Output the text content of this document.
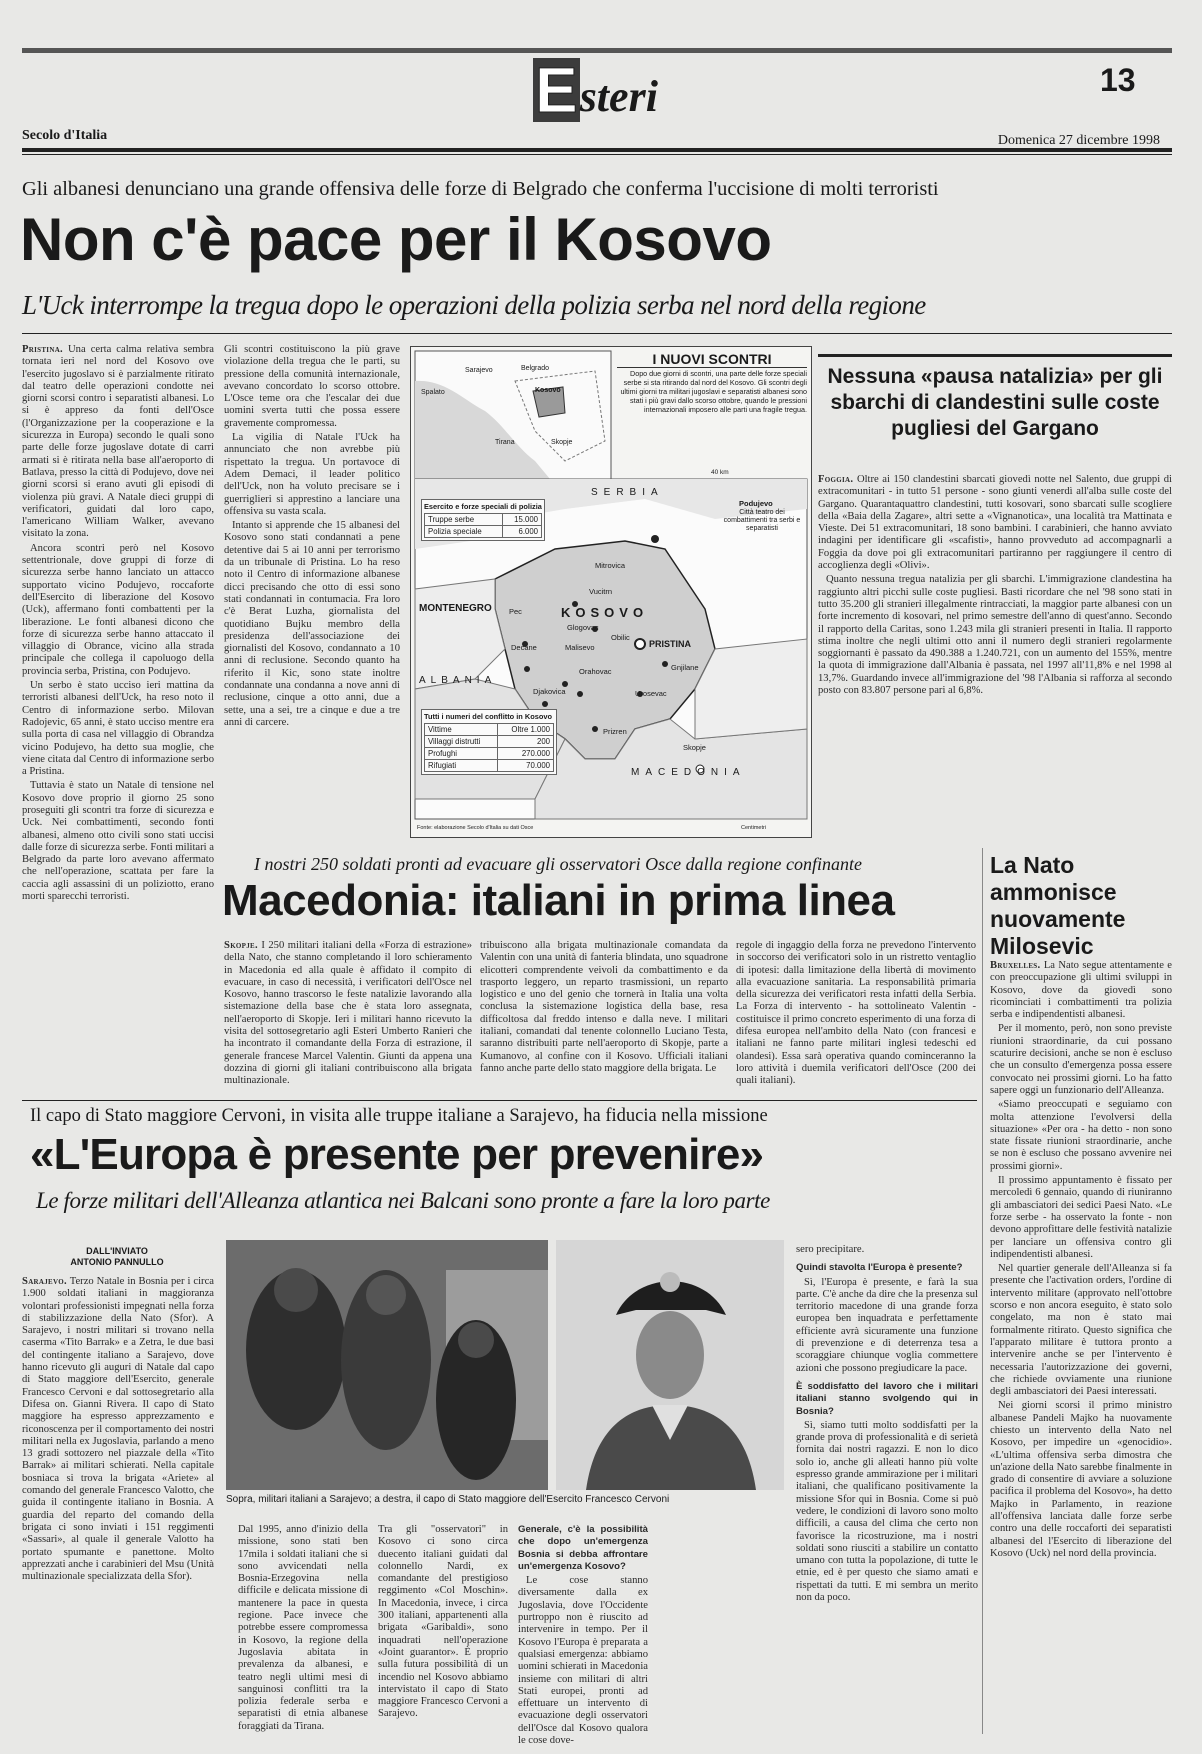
Esteri	13
Secolo d'Italia	Domenica 27 dicembre 1998
Gli albanesi denunciano una grande offensiva delle forze di Belgrado che conferma l'uccisione di molti terroristi
Non c'è pace per il Kosovo
L'Uck interrompe la tregua dopo le operazioni della polizia serba nel nord della regione

Pristina. Una certa calma relativa sembra tornata ieri nel nord del Kosovo ove l'esercito jugoslavo si è parzialmente ritirato dal teatro delle operazioni condotte nei giorni scorsi contro i separatisti albanesi. Lo si è appreso da fonti dell'Osce (l'Organizzazione per la cooperazione e la sicurezza in Europa) secondo le quali sono parte delle forze jugoslave dotate di carri armati si è ritirata nella base all'aeroporto di Batlava, presso la città di Podujevo, dove nei giorni scorsi si erano avuti gli episodi di violenza più gravi. A Natale dieci gruppi di verificatori, guidati dal loro capo, l'americano William Walker, avevano visitato la zona.

Ancora scontri però nel Kosovo settentrionale, dove gruppi di forze di sicurezza serbe hanno lanciato un attacco supportato vicino Podujevo, roccaforte dell'Esercito di liberazione del Kosovo (Uck), affermano fonti combattenti per la liberazione. Le fonti albanesi dicono che forze di sicurezza serbe hanno attaccato il villaggio di Obrance, vicino alla strada principale che collega il capoluogo della provincia serba, Pristina, con Podujevo.

Un serbo è stato ucciso ieri mattina da terroristi albanesi dell'Uck, ha reso noto il Centro di informazione serbo. Milovan Radojevic, 65 anni, è stato ucciso mentre era sulla porta di casa nel villaggio di Obrandza vicino Podujevo, ha detto sua moglie, che viene citata dal Centro di informazione serbo a Pristina.

Tuttavia è stato un Natale di tensione nel Kosovo dove proprio il giorno 25 sono proseguiti gli scontri tra forze di sicurezza e Uck. Nei combattimenti, secondo fonti albanesi, almeno otto civili sono stati uccisi dalle forze di sicurezza serbe. Fonti militari a Belgrado da parte loro avevano affermato che nell'operazione, scattata per fare la caccia agli assassini di un poliziotto, erano morti sparecchi terroristi.

Gli scontri costituiscono la più grave violazione della tregua che le parti, su pressione della comunità internazionale, avevano concordato lo scorso ottobre. L'Osce teme ora che l'escalar dei due uomini sverta tutti che possa essere gravemente compromessa.

La vigilia di Natale l'Uck ha annunciato che non avrebbe più rispettato la tregua. Un portavoce di Adem Demaci, il leader politico dell'Uck, non ha voluto precisare se i guerriglieri si apprestino a lanciare una offensiva su vasta scala.

Intanto si apprende che 15 albanesi del Kosovo sono stati condannati a pene detentive dai 5 ai 10 anni per terrorismo da un tribunale di Pristina. Lo ha reso noto il Centro di informazione albanese dicci precisando che otto di essi sono stati condannati in contumacia. Fra loro c'è Berat Luzha, giornalista del quotidiano Bujku membro della presidenza dell'associazione dei giornalisti del Kosovo, condannato a 10 anni di reclusione. Secondo quanto ha riferito il Kic, sono state inoltre condannate una condanna a nove anni di reclusione, cinque a otto anni, due a sette, una a sei, tre a cinque e due a tre anni di carcere.

Sarajevo	Belgrado
Kosovo
Spalato
Tirana	Skopje
I NUOVI SCONTRI
Dopo due giorni di scontri, una parte delle forze speciali serbe si sta ritirando dal nord del Kosovo. Gli scontri degli ultimi giorni tra militari jugoslavi e separatisti albanesi sono stati i più gravi dallo scorso ottobre, quando le pressioni internazionali imposero alle parti una fragile tregua.
SERBIA
MONTENEGRO	KOSOVO
ALBANIA
MACEDONIA
Mitrovica
Vucitrn
Pec
Decane	Malisevo
Orahovac
Djakovica
Prizren
Glogovac
Obilic
Gnjilane
Urosevac
PRISTINA
Skopje
Podujevo
Città teatro dei combattimenti tra serbi e separatisti
40 km
Esercito e forze speciali di polizia
Truppe serbe	15.000
Polizia speciale	6.000
Tutti i numeri del conflitto in Kosovo
Vittime	Oltre 1.000
Villaggi distrutti	200
Profughi	270.000
Rifugiati	70.000
Fonte: elaborazione Secolo d'Italia su dati Osce	Centimetri
Nessuna «pausa natalizia» per gli sbarchi di clandestini sulle coste pugliesi del Gargano

Foggia. Oltre ai 150 clandestini sbarcati giovedì notte nel Salento, due gruppi di extracomunitari - in tutto 51 persone - sono giunti venerdì all'alba sulle coste del Gargano. Quarantaquattro clandestini, tutti kosovari, sono sbarcati sulle scogliere della «Baia della Zagare», altri sette a «Vignanotica», una località tra Mattinata e Vieste. Dei 51 extracomunitari, 18 sono bambini. I carabinieri, che hanno avviato indagini per identificare gli «scafisti», hanno provveduto ad accompagnarli a Foggia da dove poi gli extracomunitari partiranno per raggiungere il centro di accoglienza degli «Olivi».

Quanto nessuna tregua natalizia per gli sbarchi. L'immigrazione clandestina ha raggiunto altri picchi sulle coste pugliesi. Basti ricordare che nel '98 sono stati in tutto 35.200 gli stranieri illegalmente rintracciati, la maggior parte albanesi con un forte incremento di kosovari, nel primo semestre dell'anno di quest'anno. Secondo il rapporto della Caritas, sono 1.243 mila gli stranieri presenti in Italia. Il rapporto stima inoltre che negli ultimi otto anni il numero degli stranieri regolarmente soggiornanti è passato da 490.388 a 1.240.721, con un aumento del 155%, mentre la quota di immigrazione dall'Albania è passata, nel 1997 all'11,8% e nel 1998 al 13,7%. Guardando invece all'immigrazione del '98 l'Albania si rafforza al secondo posto con 83.807 persone pari al 6,8%.

I nostri 250 soldati pronti ad evacuare gli osservatori Osce dalla regione confinante
Macedonia: italiani in prima linea

Skopje. I 250 militari italiani della «Forza di estrazione» della Nato, che stanno completando il loro schieramento in Macedonia ed alla quale è affidato il compito di evacuare, in caso di necessità, i verificatori dell'Osce nel Kosovo, hanno trascorso le feste natalizie lavorando alla sistemazione della base che è stata loro assegnata, nell'aeroporto di Skopje. Ieri i militari hanno ricevuto la visita del sottosegretario agli Esteri Umberto Ranieri che ha incontrato il comandante della Forza di estrazione, il generale francese Marcel Valentin. Giunti da appena una dozzina di giorni gli italiani contribuiscono alla brigata multinazionale.

tribuiscono alla brigata multinazionale comandata da Valentin con una unità di fanteria blindata, uno squadrone elicotteri comprendente veivoli da combattimento e da trasporto leggero, un reparto trasmissioni, un reparto logistico e uno del genio che tornerà in Italia una volta conclusa la sistemazione logistica della base, resa difficoltosa dal freddo intenso e dalla neve. I militari italiani, comandati dal tenente colonnello Luciano Testa, saranno distribuiti parte nell'aeroporto di Skopje, parte a Kumanovo, al confine con il Kosovo. Ufficiali italiani fanno anche parte dello stato maggiore della brigata. Le

regole di ingaggio della forza ne prevedono l'intervento in soccorso dei verificatori solo in un ristretto ventaglio di ipotesi: dalla limitazione della libertà di movimento alla evacuazione sanitaria. La responsabilità primaria della sicurezza dei verificatori resta infatti della Serbia. La Forza di intervento - ha sottolineato Valentin - costituisce il primo concreto esperimento di una forza di difesa europea nell'ambito della Nato (con francesi e italiani ne fanno parte militari inglesi tedeschi ed olandesi). Essa sarà operativa quando cominceranno la loro attività i duemila verificatori dell'Osce (200 dei quali italiani).

La Nato ammonisce nuovamente Milosevic

Bruxelles. La Nato segue attentamente e con preoccupazione gli ultimi sviluppi in Kosovo, dove da giovedì sono ricominciati i combattimenti tra polizia serba e indipendentisti albanesi.

Per il momento, però, non sono previste riunioni straordinarie, da cui possano scaturire decisioni, anche se non è escluso che un consulto d'emergenza possa essere convocato nei prossimi giorni. Lo ha fatto sapere oggi un funzionario dell'Alleanza.

«Siamo preoccupati e seguiamo con molta attenzione l'evolversi della situazione» «Per ora - ha detto - non sono state fissate riunioni straordinarie, anche se non è escluso che possano avvenire nei prossimi giorni».

Il prossimo appuntamento è fissato per mercoledì 6 gennaio, quando di riuniranno gli ambasciatori dei sedici Paesi Nato. «Le forze serbe - ha osservato la fonte - non devono approfittare delle festività natalizie per lanciare un offensiva contro gli indipendentisti albanesi.

Nel quartier generale dell'Alleanza si fa presente che l'activation orders, l'ordine di intervento militare (approvato nell'ottobre scorso e non ancora eseguito, è stato solo congelato, ma non è stato mai formalmente ritirato. Questo significa che l'apparato militare è tuttora pronto a intervenire anche se per l'intervento è necessaria l'autorizzazione dei governi, che richiede ovviamente una riunione degli ambasciatori dei Paesi interessati.

Nei giorni scorsi il primo ministro albanese Pandeli Majko ha nuovamente chiesto un intervento della Nato nel Kosovo, per impedire un «genocidio». «L'ultima offensiva serba dimostra che un'azione della Nato sarebbe finalmente in grado di consentire di avviare a soluzione pacifica il problema del Kosovo», ha detto Majko in Parlamento, in reazione all'offensiva lanciata dalle forze serbe contro una delle roccaforti dei separatisti albanesi del l'Esercito di liberazione del Kosovo (Uck) nel nord della provincia.

Il capo di Stato maggiore Cervoni, in visita alle truppe italiane a Sarajevo, ha fiducia nella missione
«L'Europa è presente per prevenire»
Le forze militari dell'Alleanza atlantica nei Balcani sono pronte a fare la loro parte
DALL'INVIATO
ANTONIO PANNULLO

Sarajevo. Terzo Natale in Bosnia per i circa 1.900 soldati italiani in maggioranza volontari professionisti impegnati nella forza di stabilizzazione della Nato (Sfor). A Sarajevo, i nostri militari si trovano nella caserma «Tito Barrak» e a Zetra, le due basi del contingente italiano a Sarajevo, dove hanno ricevuto gli auguri di Natale dal capo di Stato maggiore dell'Esercito, generale Francesco Cervoni e dal sottosegretario alla Difesa on. Gianni Rivera. Il capo di Stato maggiore ha espresso apprezzamento e riconoscenza per il comportamento dei nostri militari nella ex Jugoslavia, parlando a meno 13 gradi sottozero nel piazzale della «Tito Barrak» ai militari schierati. Nella capitale bosniaca si trova la brigata «Ariete» al comando del generale Francesco Valotto, che guida il contingente italiano in Bosnia. A guardia del reparto del comando della brigata ci sono inviati i 151 reggimenti «Sassari», al quale il generale Valotto ha portato spumante e panettone. Molto apprezzati anche i carabinieri del Msu (Unità multinazionale specializzata della Sfor).

Sopra, militari italiani a Sarajevo; a destra, il capo di Stato maggiore dell'Esercito Francesco Cervoni

Dal 1995, anno d'inizio della missione, sono stati ben 17mila i soldati italiani che si sono avvicendati nella Bosnia-Erzegovina nella difficile e delicata missione di mantenere la pace in questa regione. Pace invece che potrebbe essere compromessa in Kosovo, la regione della Jugoslavia abitata in prevalenza da albanesi, e teatro negli ultimi mesi di sanguinosi conflitti tra la polizia federale serba e separatisti di etnia albanese foraggiati da Tirana.

Tra gli "osservatori" in Kosovo ci sono circa duecento italiani guidati dal colonnello Nardi, ex comandante del prestigioso reggimento «Col Moschin». In Macedonia, invece, i circa 300 italiani, appartenenti alla brigata «Garibaldi», sono inquadrati nell'operazione «Joint guarantor». È proprio sulla futura possibilità di un incendio nel Kosovo abbiamo intervistato il capo di Stato maggiore Francesco Cervoni a Sarajevo.

Generale, c'è la possibilità che dopo un'emergenza Bosnia si debba affrontare un'emergenza Kosovo?

Le cose stanno diversamente dalla ex Jugoslavia, dove l'Occidente purtroppo non è riuscito ad intervenire in tempo. Per il Kosovo l'Europa è preparata a qualsiasi emergenza: abbiamo uomini schierati in Macedonia insieme con militari di altri Stati europei, pronti ad effettuare un intervento di evacuazione degli osservatori dell'Osce dal Kosovo qualora le cose dove-

sero precipitare.

Quindi stavolta l'Europa è presente?

Sì, l'Europa è presente, e farà la sua parte. C'è anche da dire che la presenza sul territorio macedone di una grande forza europea ben inquadrata e perfettamente efficiente avrà sicuramente una funzione di prevenzione e di deterrenza tesa a scoraggiare chiunque voglia commettere azioni che possono pregiudicare la pace.

È soddisfatto del lavoro che i militari italiani stanno svolgendo qui in Bosnia?

Sì, siamo tutti molto soddisfatti per la grande prova di professionalità e di serietà fornita dai nostri ragazzi. E non lo dico solo io, anche gli alleati hanno più volte espresso grande ammirazione per i militari italiani, che qualificano positivamente la missione Sfor qui in Bosnia. Come si può vedere, le condizioni di lavoro sono molto difficili, a causa del clima che certo non favorisce la ricostruzione, ma i nostri soldati sono riusciti a stabilire un contatto umano con tutta la popolazione, di tutte le etnie, ed è per questo che siamo amati e rispettati da tutti. E mi sembra un merito non da poco.
